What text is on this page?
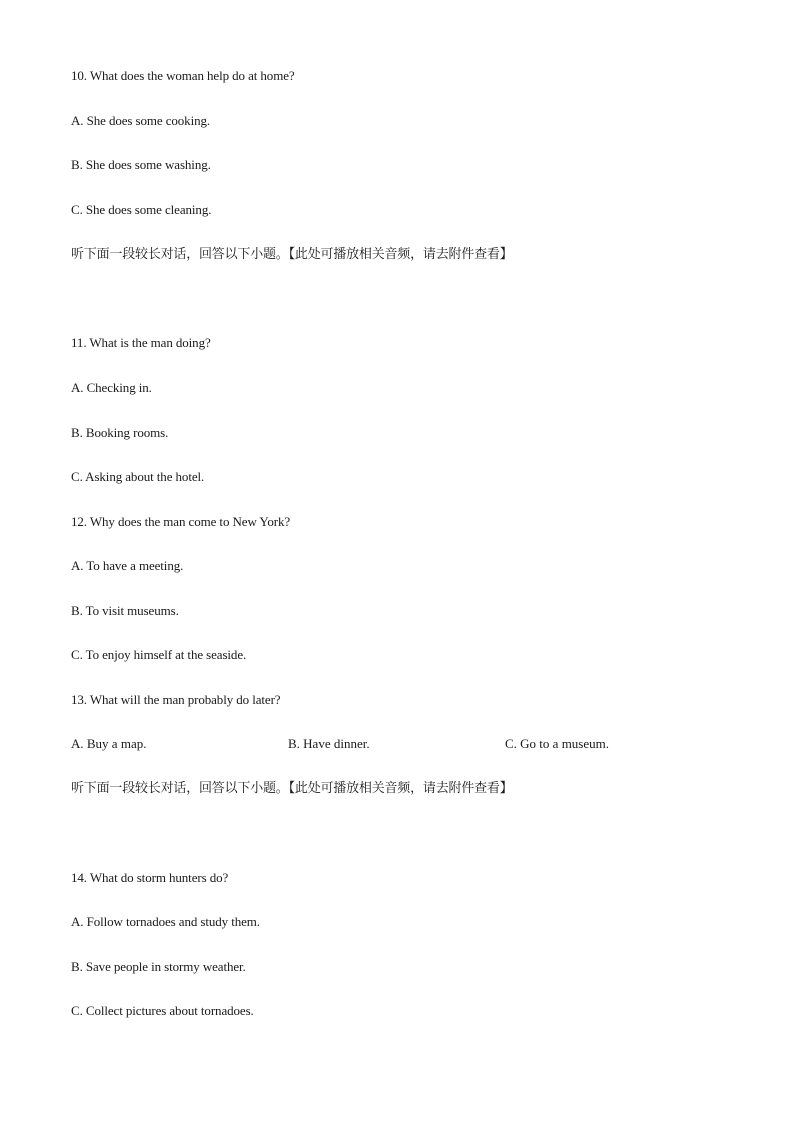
10. What does the woman help do at home?
A. She does some cooking.
B. She does some washing.
C. She does some cleaning.
听下面一段较长对话，回答以下小题。【此处可播放相关音频，请去附件查看】
11. What is the man doing?
A. Checking in.
B. Booking rooms.
C. Asking about the hotel.
12. Why does the man come to New York?
A. To have a meeting.
B. To visit museums.
C. To enjoy himself at the seaside.
13. What will the man probably do later?
A. Buy a map.	B. Have dinner.	C. Go to a museum.
听下面一段较长对话，回答以下小题。【此处可播放相关音频，请去附件查看】
14. What do storm hunters do?
A. Follow tornadoes and study them.
B. Save people in stormy weather.
C. Collect pictures about tornadoes.
